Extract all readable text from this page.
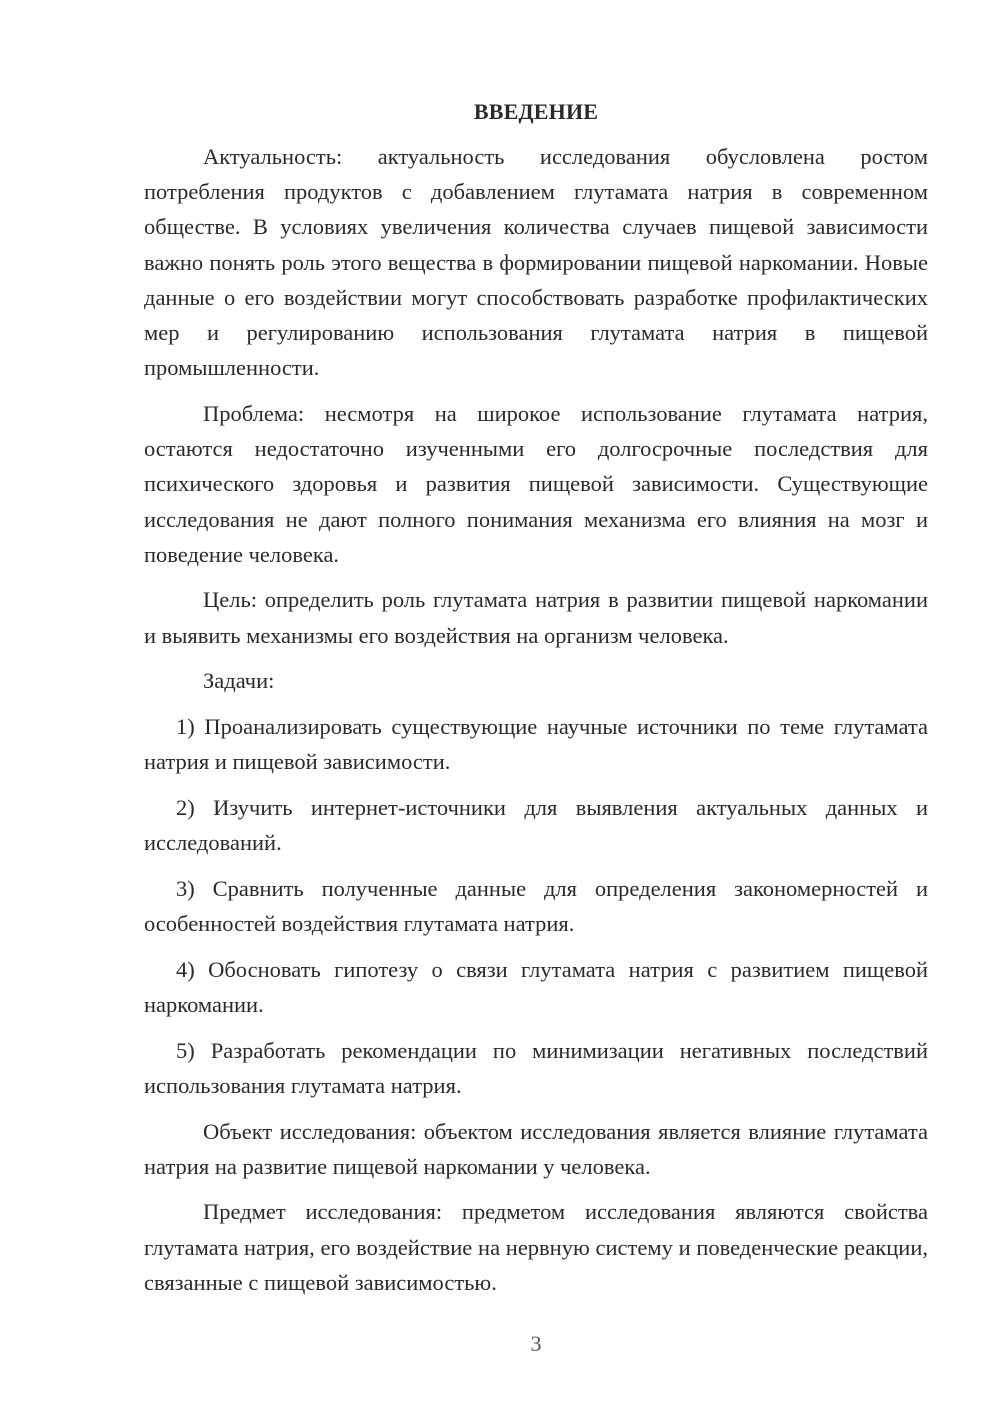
ВВЕДЕНИЕ

Актуальность: актуальность исследования обусловлена ростом потребления продуктов с добавлением глутамата натрия в современном обществе. В условиях увеличения количества случаев пищевой зависимости важно понять роль этого вещества в формировании пищевой наркомании. Новые данные о его воздействии могут способствовать разработке профилактических мер и регулированию использования глутамата натрия в пищевой промышленности.

Проблема: несмотря на широкое использование глутамата натрия, остаются недостаточно изученными его долгосрочные последствия для психического здоровья и развития пищевой зависимости. Существующие исследования не дают полного понимания механизма его влияния на мозг и поведение человека.

Цель: определить роль глутамата натрия в развитии пищевой наркомании и выявить механизмы его воздействия на организм человека.

Задачи:

1) Проанализировать существующие научные источники по теме глутамата натрия и пищевой зависимости.

2) Изучить интернет-источники для выявления актуальных данных и исследований.

3) Сравнить полученные данные для определения закономерностей и особенностей воздействия глутамата натрия.

4) Обосновать гипотезу о связи глутамата натрия с развитием пищевой наркомании.

5) Разработать рекомендации по минимизации негативных последствий использования глутамата натрия.

Объект исследования: объектом исследования является влияние глутамата натрия на развитие пищевой наркомании у человека.

Предмет исследования: предметом исследования являются свойства глутамата натрия, его воздействие на нервную систему и поведенческие реакции, связанные с пищевой зависимостью.

3
